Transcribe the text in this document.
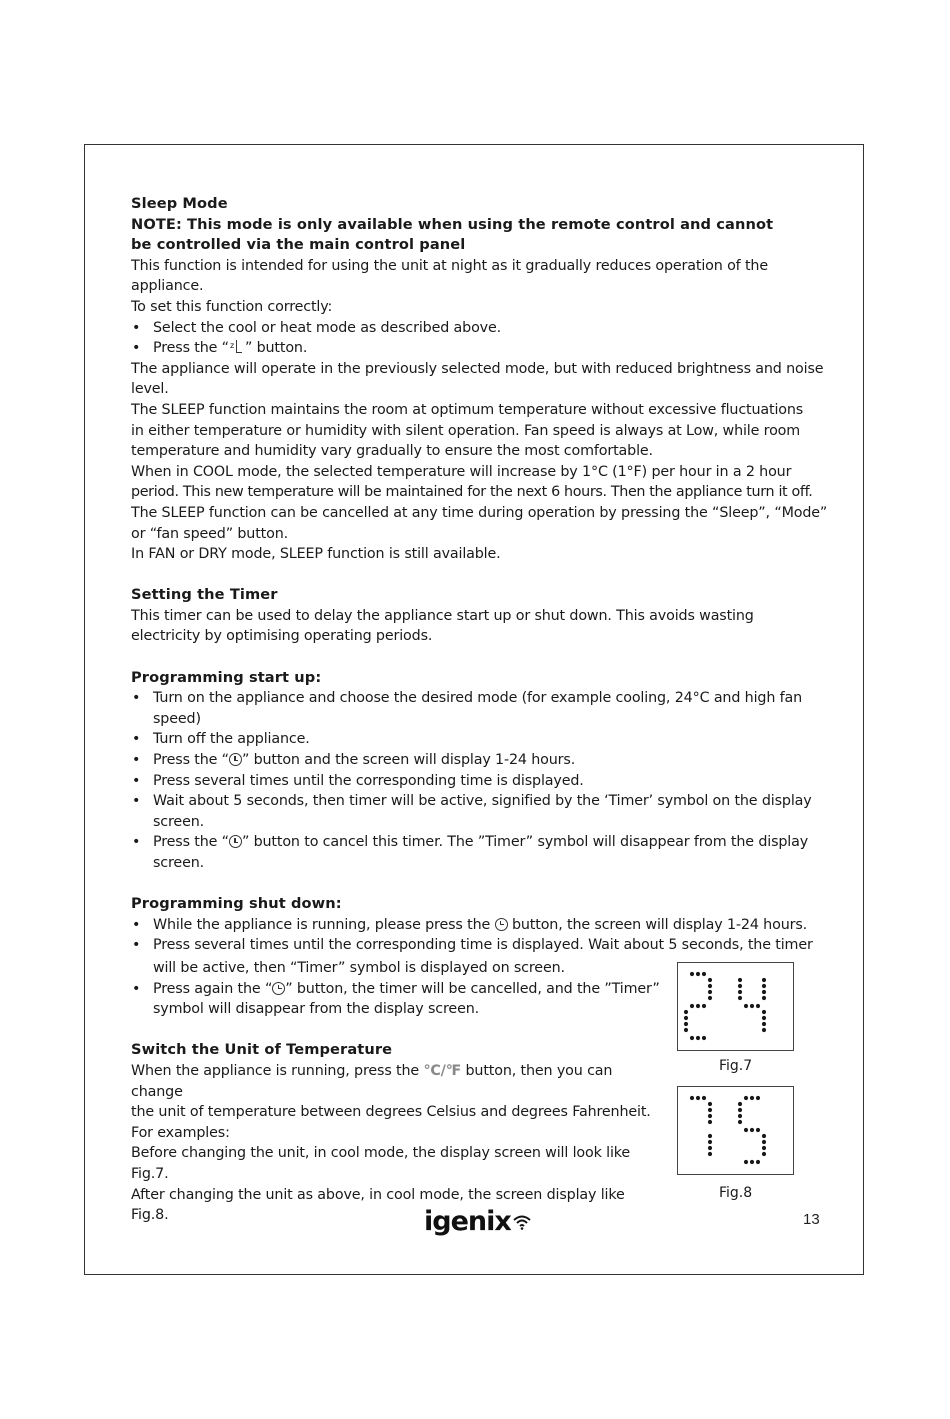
Sleep Mode

NOTE: This mode is only available when using the remote control and cannot

be controlled via the main control panel

This function is intended for using the unit at night as it gradually reduces operation of the

appliance.

To set this function correctly:

• Select the cool or heat mode as described above.
• Press the “z ” button.

The appliance will operate in the previously selected mode, but with reduced brightness and noise

level.

The SLEEP function maintains the room at optimum temperature without excessive fluctuations

in either temperature or humidity with silent operation. Fan speed is always at Low, while room

temperature and humidity vary gradually to ensure the most comfortable.

When in COOL mode, the selected temperature will increase by 1°C (1°F) per hour in a 2 hour

period. This new temperature will be maintained for the next 6 hours. Then the appliance turn it off.

The SLEEP function can be cancelled at any time during operation by pressing the “Sleep”, “Mode”

or “fan speed” button.

In FAN or DRY mode, SLEEP function is still available.

Setting the Timer

This timer can be used to delay the appliance start up or shut down. This avoids wasting

electricity by optimising operating periods.

Programming start up:

• Turn on the appliance and choose the desired mode (for example cooling, 24°C and high fan
speed)
• Turn off the appliance.
• Press the “ ” button and the screen will display 1-24 hours.
• Press several times until the corresponding time is displayed.
• Wait about 5 seconds, then timer will be active, signified by the ‘Timer’ symbol on the display
screen.
• Press the “ ” button to cancel this timer. The ”Timer” symbol will disappear from the display
screen.

Programming shut down:

• While the appliance is running, please press the button, the screen will display 1-24 hours.
• Press several times until the corresponding time is displayed. Wait about 5 seconds, the timer
will be active, then “Timer” symbol is displayed on screen.
• Press again the “ ” button, the timer will be cancelled, and the ”Timer”
symbol will disappear from the display screen.

Switch the Unit of Temperature

When the appliance is running, press the ℃/℉ button, then you can change

the unit of temperature between degrees Celsius and degrees Fahrenheit.

For examples:

Before changing the unit, in cool mode, the display screen will look like Fig.7.

After changing the unit as above, in cool mode, the screen display like Fig.8.

Fig.7
Fig.8
igenix	13
